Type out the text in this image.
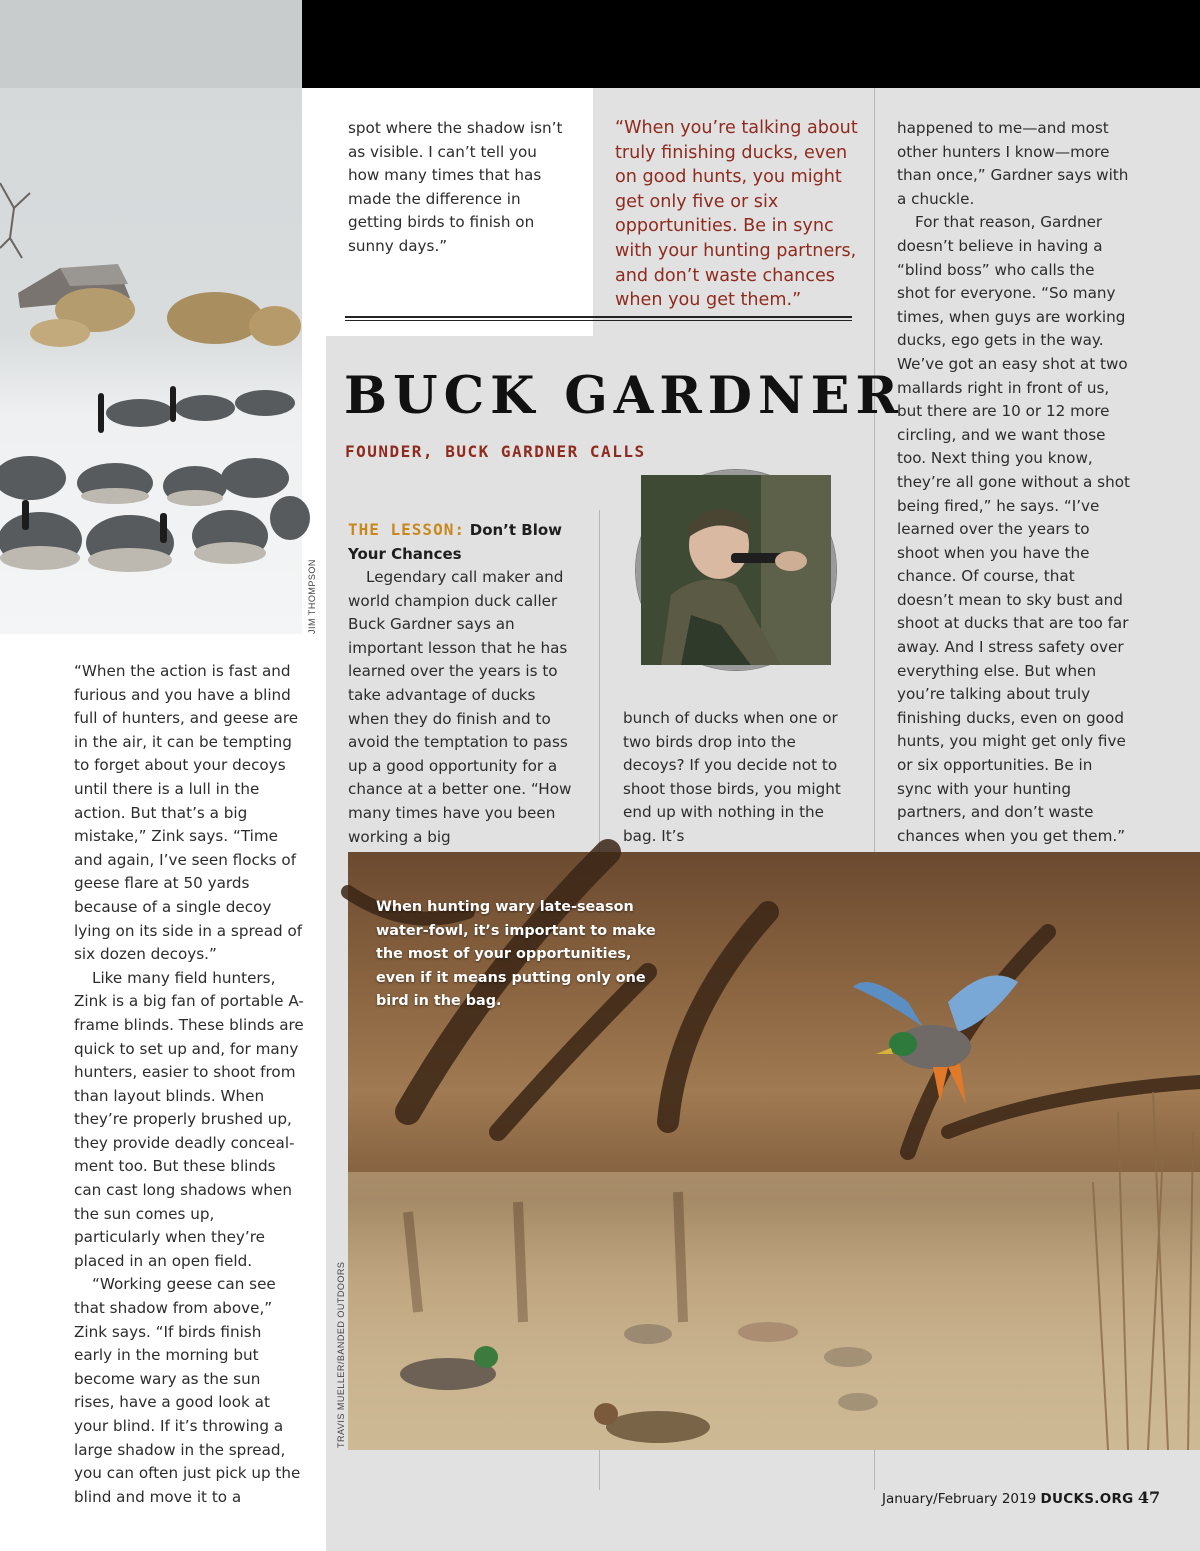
JIM THOMPSON

“When the action is fast and furious and you have a blind full of hunters, and geese are in the air, it can be tempting to forget about your decoys until there is a lull in the action. But that’s a big mistake,” Zink says. “Time and again, I’ve seen flocks of geese flare at 50 yards because of a single decoy lying on its side in a spread of six dozen decoys.”

Like many field hunters, Zink is a big fan of portable A-frame blinds. These blinds are quick to set up and, for many hunters, easier to shoot from than layout blinds. When they’re properly brushed up, they provide deadly conceal-ment too. But these blinds can cast long shadows when the sun comes up, particularly when they’re placed in an open field.

“Working geese can see that shadow from above,” Zink says. “If birds finish early in the morning but become wary as the sun rises, have a good look at your blind. If it’s throwing a large shadow in the spread, you can often just pick up the blind and move it to a

spot where the shadow isn’t as visible. I can’t tell you how many times that has made the difference in getting birds to finish on sunny days.”

“When you’re talking about truly finishing ducks, even on good hunts, you might get only five or six opportunities. Be in sync with your hunting partners, and don’t waste chances when you get them.”

BUCK GARDNER

FOUNDER, BUCK GARDNER CALLS

THE LESSON: Don’t Blow Your Chances
Legendary call maker and world champion duck caller Buck Gardner says an important lesson that he has learned over the years is to take advantage of ducks when they do finish and to avoid the temptation to pass up a good opportunity for a chance at a better one. “How many times have you been working a big
bunch of ducks when one or two birds drop into the decoys? If you decide not to shoot those birds, you might end up with nothing in the bag. It’s

happened to me—and most other hunters I know—more than once,” Gardner says with a chuckle.

For that reason, Gardner doesn’t believe in having a “blind boss” who calls the shot for everyone. “So many times, when guys are working ducks, ego gets in the way. We’ve got an easy shot at two mallards right in front of us, but there are 10 or 12 more circling, and we want those too. Next thing you know, they’re all gone without a shot being fired,” he says. “I’ve learned over the years to shoot when you have the chance. Of course, that doesn’t mean to sky bust and shoot at ducks that are too far away. And I stress safety over everything else. But when you’re talking about truly finishing ducks, even on good hunts, you might get only five or six opportunities. Be in sync with your hunting partners, and don’t waste chances when you get them.”

When hunting wary late-season water-fowl, it’s important to make the most of your opportunities, even if it means putting only one bird in the bag.

TRAVIS MUELLER/BANDED OUTDOORS

January/February 2019 DUCKS.ORG 47
